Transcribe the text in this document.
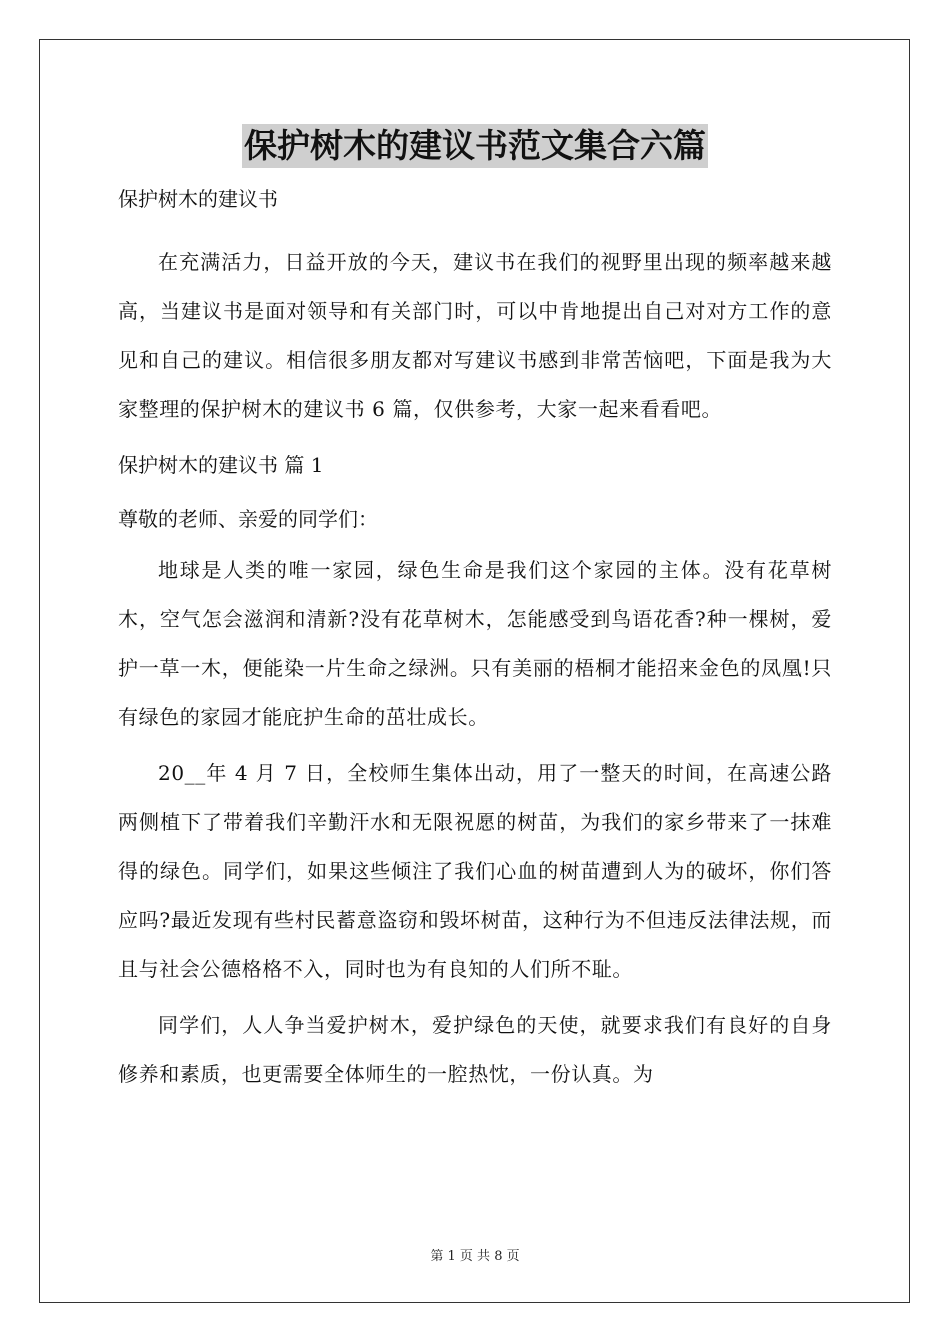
保护树木的建议书范文集合六篇

保护树木的建议书

在充满活力，日益开放的今天，建议书在我们的视野里出现的频率越来越高，当建议书是面对领导和有关部门时，可以中肯地提出自己对对方工作的意见和自己的建议。相信很多朋友都对写建议书感到非常苦恼吧，下面是我为大家整理的保护树木的建议书 6 篇，仅供参考，大家一起来看看吧。

保护树木的建议书 篇 1

尊敬的老师、亲爱的同学们：

地球是人类的唯一家园，绿色生命是我们这个家园的主体。没有花草树木，空气怎会滋润和清新?没有花草树木，怎能感受到鸟语花香?种一棵树，爱护一草一木，便能染一片生命之绿洲。只有美丽的梧桐才能招来金色的凤凰!只有绿色的家园才能庇护生命的茁壮成长。

20__年 4 月 7 日，全校师生集体出动，用了一整天的时间，在高速公路两侧植下了带着我们辛勤汗水和无限祝愿的树苗，为我们的家乡带来了一抹难得的绿色。同学们，如果这些倾注了我们心血的树苗遭到人为的破坏，你们答应吗?最近发现有些村民蓄意盗窃和毁坏树苗，这种行为不但违反法律法规，而且与社会公德格格不入，同时也为有良知的人们所不耻。

同学们，人人争当爱护树木，爱护绿色的天使，就要求我们有良好的自身修养和素质，也更需要全体师生的一腔热忱，一份认真。为

第 1 页 共 8 页
